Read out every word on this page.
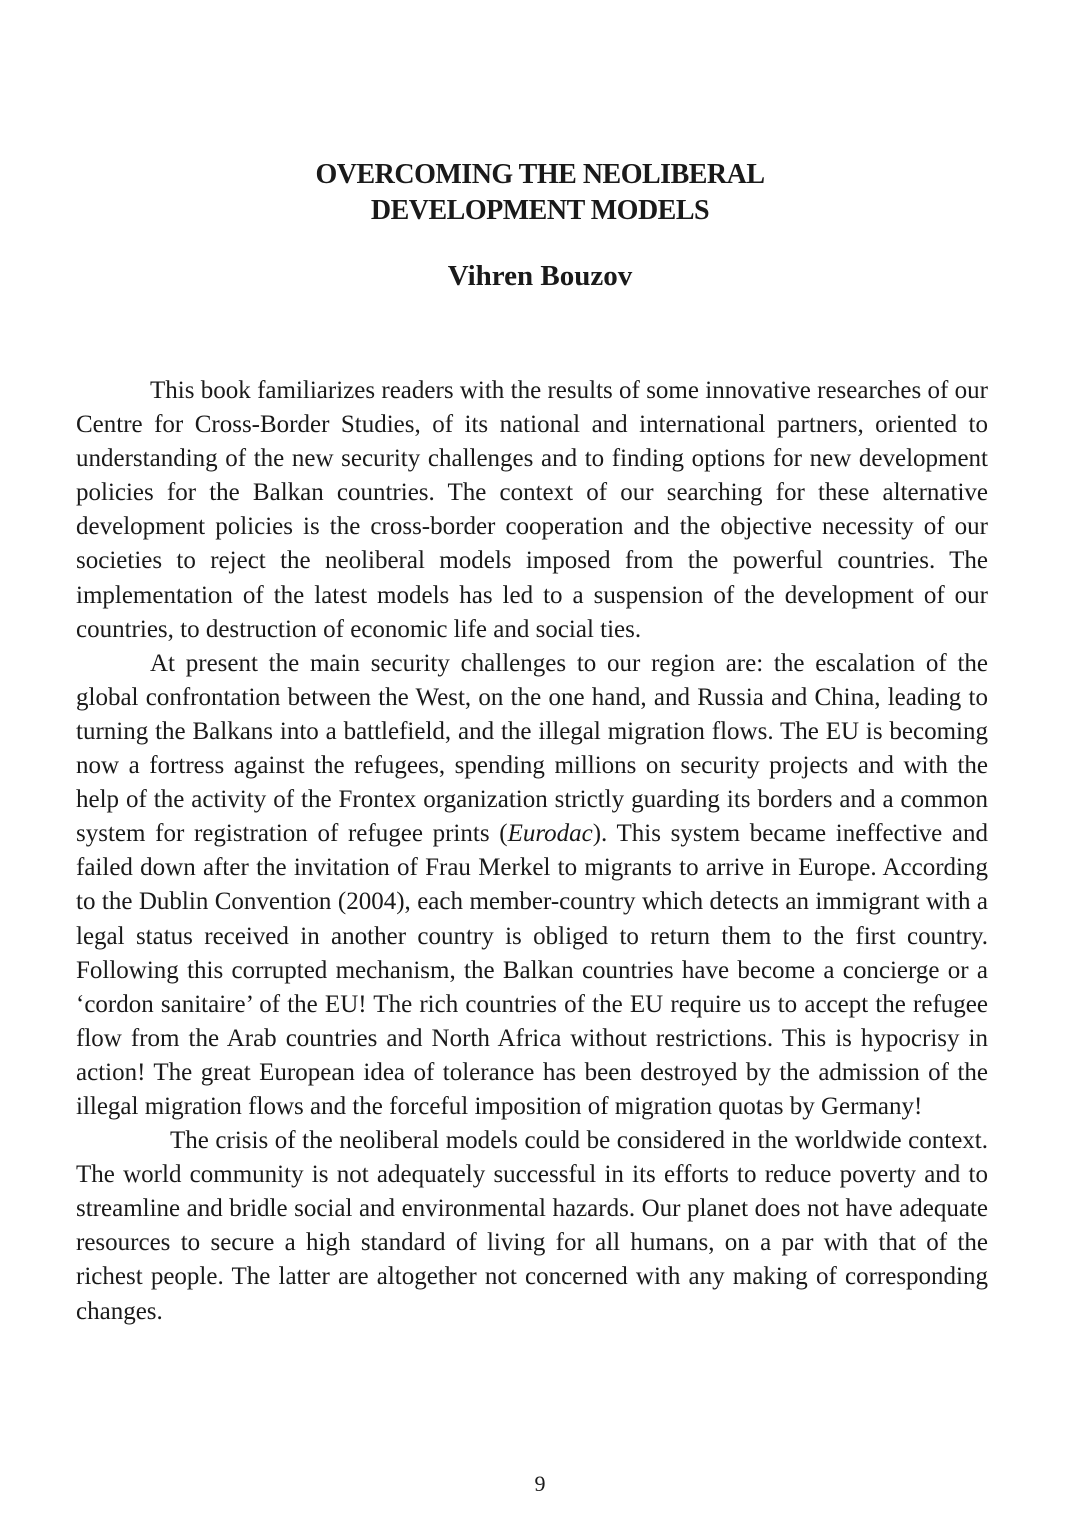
OVERCOMING THE NEOLIBERAL
DEVELOPMENT MODELS
Vihren Bouzov

This book familiarizes readers with the results of some innovative researches of our Centre for Cross-Border Studies, of its national and international partners, oriented to understanding of the new security challenges and to finding options for new development policies for the Balkan countries. The context of our searching for these alternative development policies is the cross-border cooperation and the objective necessity of our societies to reject the neoliberal models imposed from the powerful countries. The implementation of the latest models has led to a suspension of the development of our countries, to destruction of economic life and social ties.

At present the main security challenges to our region are: the escalation of the global confrontation between the West, on the one hand, and Russia and China, leading to turning the Balkans into a battlefield, and the illegal migration flows. The EU is becoming now a fortress against the refugees, spending millions on security projects and with the help of the activity of the Frontex organization strictly guarding its borders and a common system for registration of refugee prints (Eurodac). This system became ineffective and failed down after the invitation of Frau Merkel to migrants to arrive in Europe. According to the Dublin Convention (2004), each member-country which detects an immigrant with a legal status received in another country is obliged to return them to the first country. Following this corrupted mechanism, the Balkan countries have become a concierge or a ‘cordon sanitaire’ of the EU! The rich countries of the EU require us to accept the refugee flow from the Arab countries and North Africa without restrictions. This is hypocrisy in action! The great European idea of tolerance has been destroyed by the admission of the illegal migration flows and the forceful imposition of migration quotas by Germany!

The crisis of the neoliberal models could be considered in the worldwide context. The world community is not adequately successful in its efforts to reduce poverty and to streamline and bridle social and environmental hazards. Our planet does not have adequate resources to secure a high standard of living for all humans, on a par with that of the richest people. The latter are altogether not concerned with any making of corresponding changes.

9
